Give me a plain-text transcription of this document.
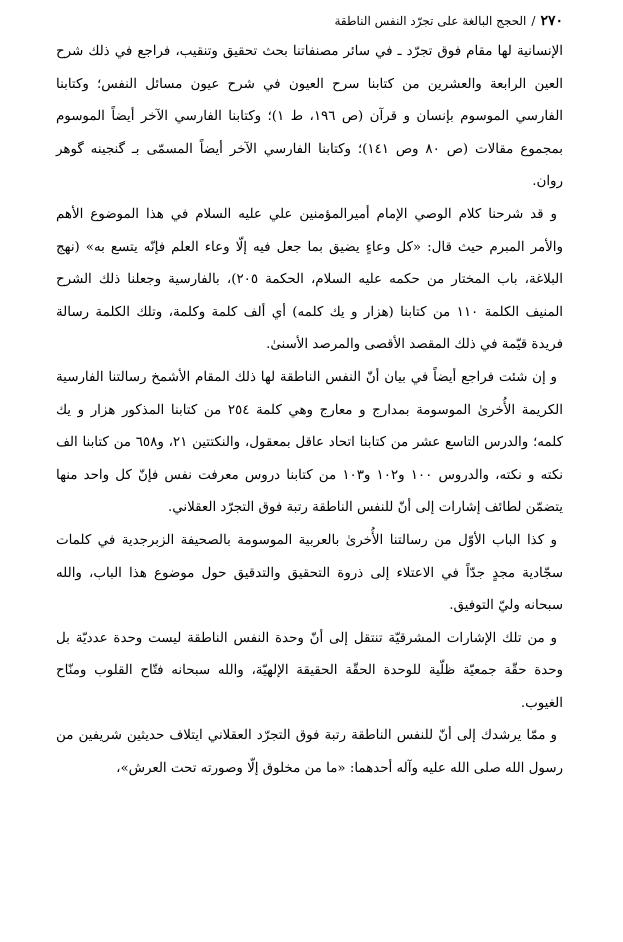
٢٧٠
/
الحجج البالغة على تجرّد النفس الناطقة

الإنسانية لها مقام فوق تجرّد ـ في سائر مصنفاتنا بحث تحقيق وتنقيب، فراجع في ذلك شرح العين الرابعة والعشرين من كتابنا سرح العيون في شرح عيون مسائل النفس؛ وكتابنا الفارسي الموسوم بإنسان و قرآن (ص ١٩٦، ط ١)؛ وكتابنا الفارسي الآخر أيضاً الموسوم بمجموع مقالات (ص ٨٠ وص ١٤١)؛ وكتابنا الفارسي الآخر أيضاً المسمّى بـ گنجينه گوهر روان.

و قد شرحنا كلام الوصي الإمام أميرالمؤمنين علي عليه السلام في هذا الموضوع الأهم والأمر المبرم حيث قال: «كل وعاءٍ يضيق بما جعل فيه إلّا وعاء العلم فإنّه يتسع به» (نهج البلاغة، باب المختار من حكمه عليه السلام، الحكمة ٢٠٥)، بالفارسية وجعلنا ذلك الشرح المنيف الكلمة ١١٠ من كتابنا (هزار و يك كلمه) أي ألف كلمة وكلمة، وتلك الكلمة رسالة فريدة قيّمة في ذلك المقصد الأقصى والمرصد الأسنىٰ.

و إن شئت فراجع أيضاً في بيان أنّ النفس الناطقة لها ذلك المقام الأشمخ رسالتنا الفارسية الكريمة الأُخرىٰ الموسومة بمدارج و معارج وهي كلمة ٢٥٤ من كتابنا المذكور هزار و يك كلمه؛ والدرس التاسع عشر من كتابنا اتحاد عاقل بمعقول، والنكتتين ٢١، و٦٥٨ من كتابنا الف نكته و نكته، والدروس ١٠٠ و١٠٢ و١٠٣ من كتابنا دروس معرفت نفس فإنّ كل واحد منها يتضمّن لطائف إشارات إلى أنّ للنفس الناطقة رتبة فوق التجرّد العقلاني.

و كذا الباب الأوّل من رسالتنا الأُخرىٰ بالعربية الموسومة بالصحيفة الزبرجدية في كلمات سجّادية مجدٍ جدّاً في الاعتلاء إلى ذروة التحقيق والتدقيق حول موضوع هذا الباب، والله سبحانه وليّ التوفيق.

و من تلك الإشارات المشرقيّة تنتقل إلى أنّ وحدة النفس الناطقة ليست وحدة عدديّة بل وحدة حقّة جمعيّة ظلّية للوحدة الحقّة الحقيقة الإلهيّة، والله سبحانه فتّاح القلوب ومنّاح الغيوب.

و ممّا يرشدك إلى أنّ للنفس الناطقة رتبة فوق التجرّد العقلاني ايتلاف حديثين شريفين من رسول الله صلى الله عليه وآله أحدهما: «ما من مخلوق إلّا وصورته تحت العرش»،
